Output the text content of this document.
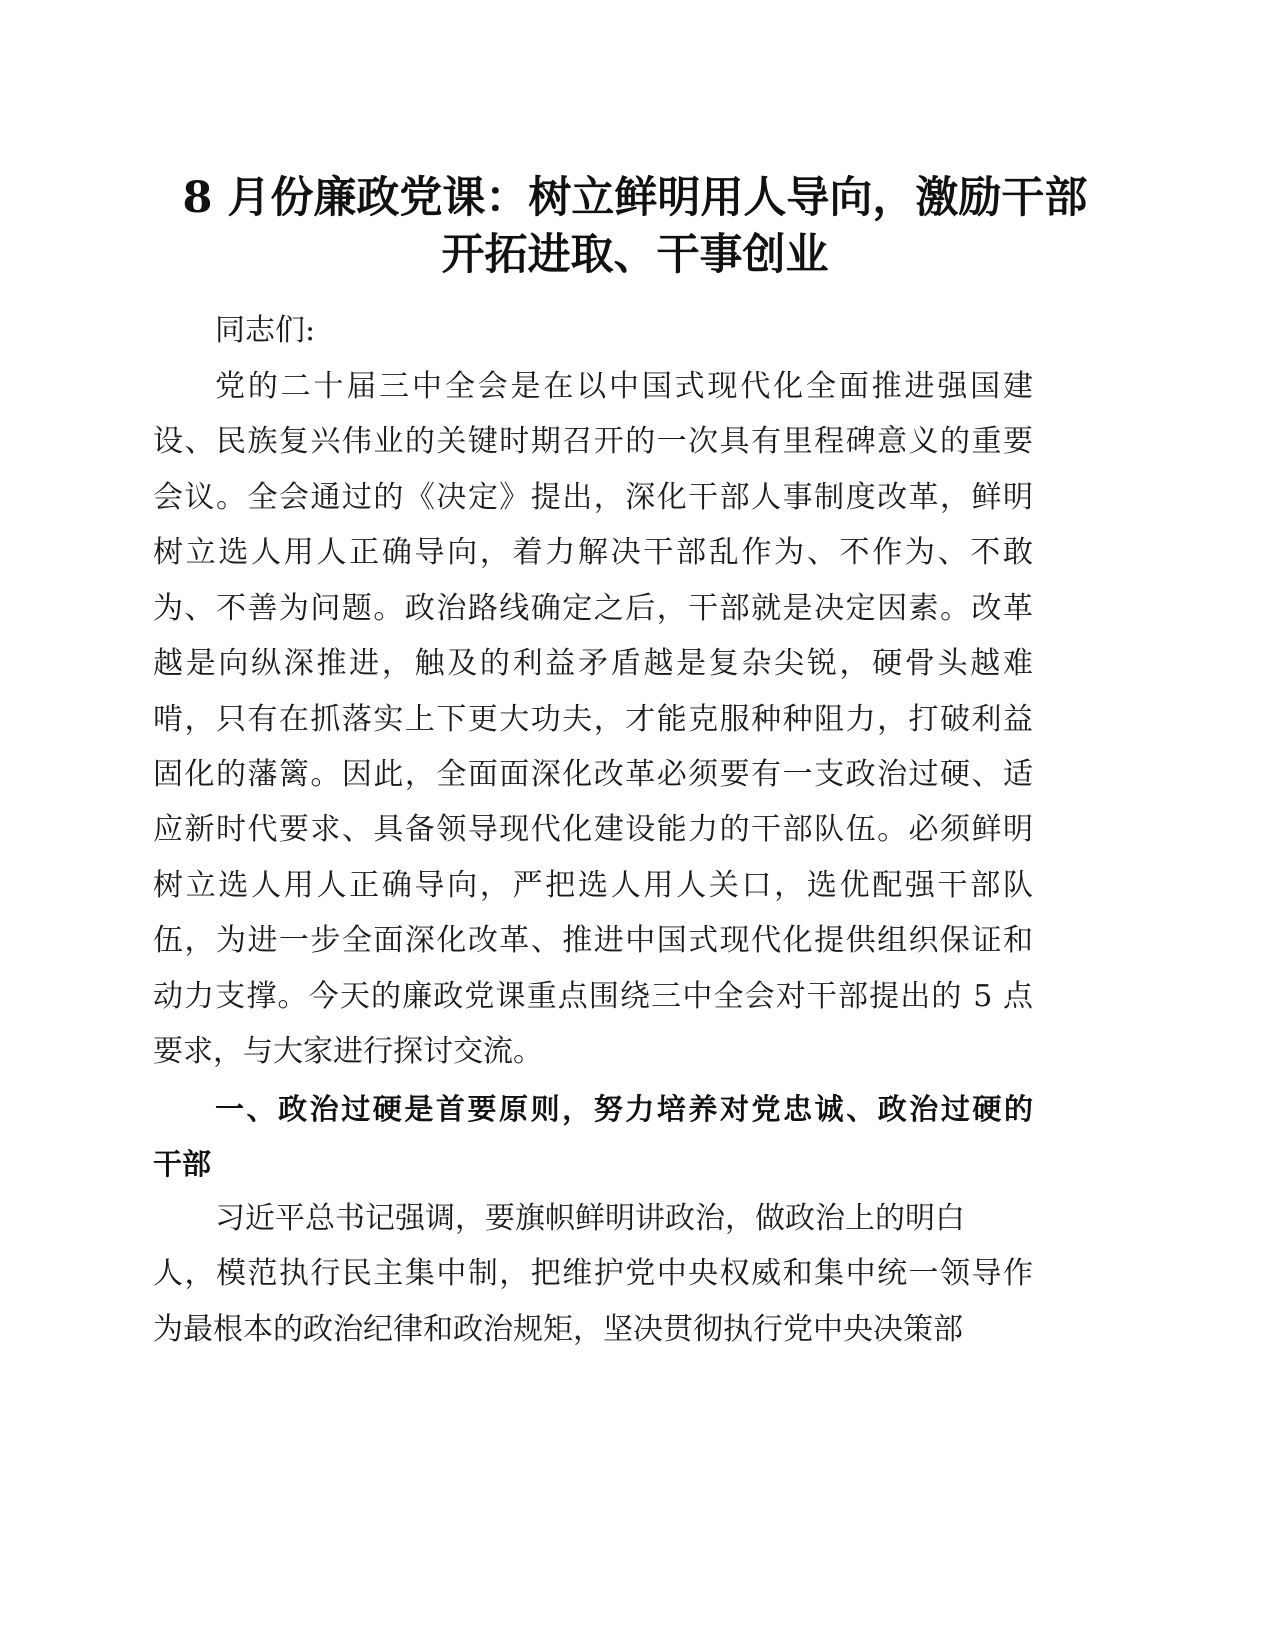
8 月份廉政党课：树立鲜明用人导向，激励干部
开拓进取、干事创业
同志们:
党的二十届三中全会是在以中国式现代化全面推进强国建
设、民族复兴伟业的关键时期召开的一次具有里程碑意义的重要
会议。全会通过的《决定》提出，深化干部人事制度改革，鲜明
树立选人用人正确导向，着力解决干部乱作为、不作为、不敢
为、不善为问题。政治路线确定之后，干部就是决定因素。改革
越是向纵深推进，触及的利益矛盾越是复杂尖锐，硬骨头越难
啃，只有在抓落实上下更大功夫，才能克服种种阻力，打破利益
固化的藩篱。因此，全面面深化改革必须要有一支政治过硬、适
应新时代要求、具备领导现代化建设能力的干部队伍。必须鲜明
树立选人用人正确导向，严把选人用人关口，选优配强干部队
伍，为进一步全面深化改革、推进中国式现代化提供组织保证和
动力支撑。今天的廉政党课重点围绕三中全会对干部提出的 5 点
要求，与大家进行探讨交流。
一、政治过硬是首要原则，努力培养对党忠诚、政治过硬的
干部
习近平总书记强调，要旗帜鲜明讲政治，做政治上的明白
人，模范执行民主集中制，把维护党中央权威和集中统一领导作
为最根本的政治纪律和政治规矩，坚决贯彻执行党中央决策部
